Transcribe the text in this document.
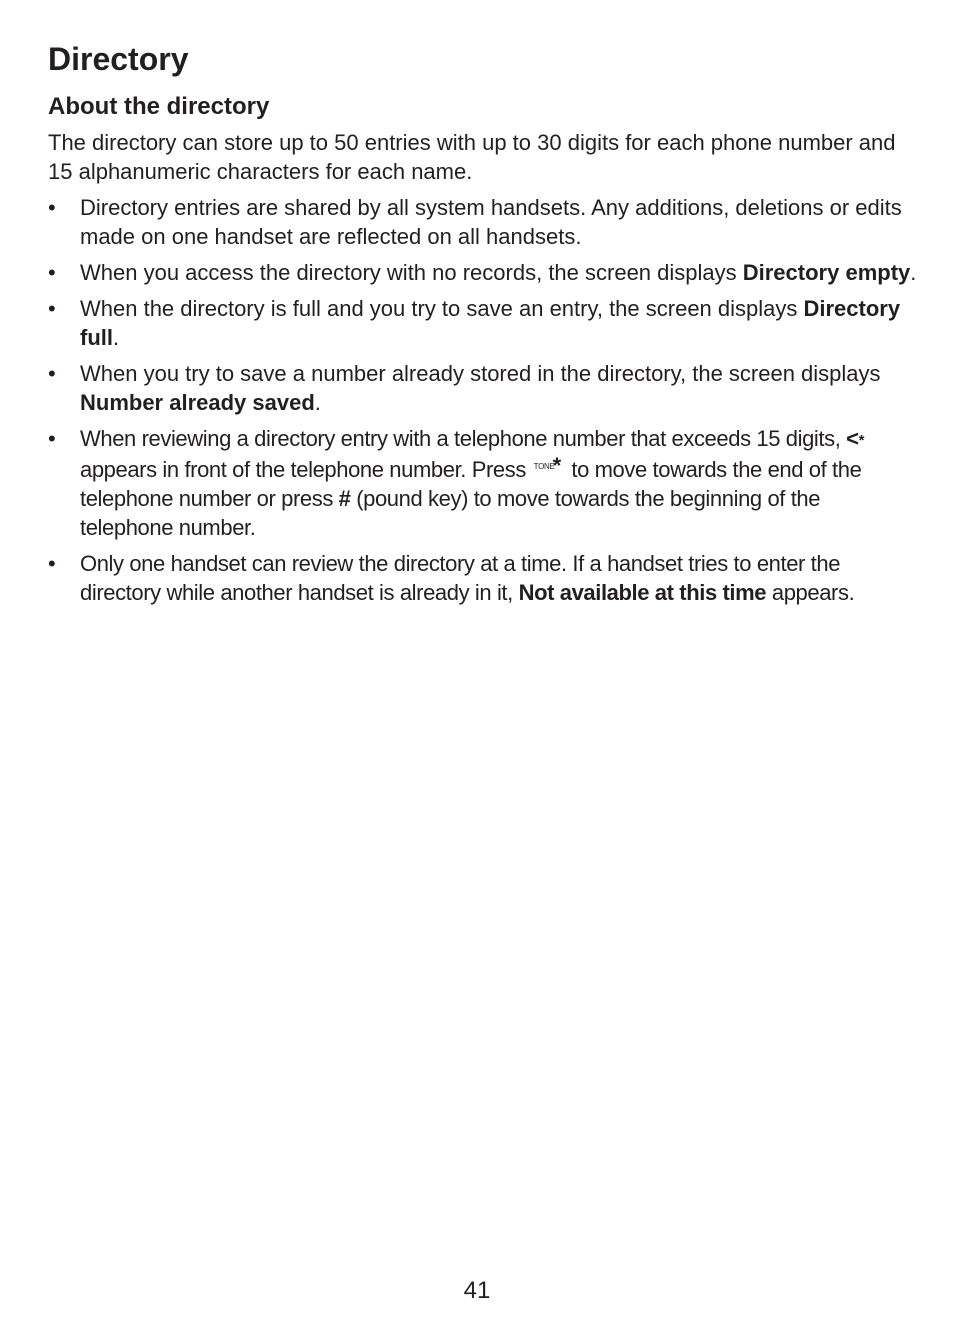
Directory
About the directory

The directory can store up to 50 entries with up to 30 digits for each phone number and 15 alphanumeric characters for each name.

• Directory entries are shared by all system handsets. Any additions, deletions or edits made on one handset are reflected on all handsets.
• When you access the directory with no records, the screen displays Directory empty.
• When the directory is full and you try to save an entry, the screen displays Directory full.
• When you try to save a number already stored in the directory, the screen displays Number already saved.
• When reviewing a directory entry with a telephone number that exceeds 15 digits, <* appears in front of the telephone number. Press TONE
* to move towards the end of the telephone number or press # (pound key) to move towards the beginning of the telephone number.
• Only one handset can review the directory at a time. If a handset tries to enter the directory while another handset is already in it, Not available at this time appears.
41
